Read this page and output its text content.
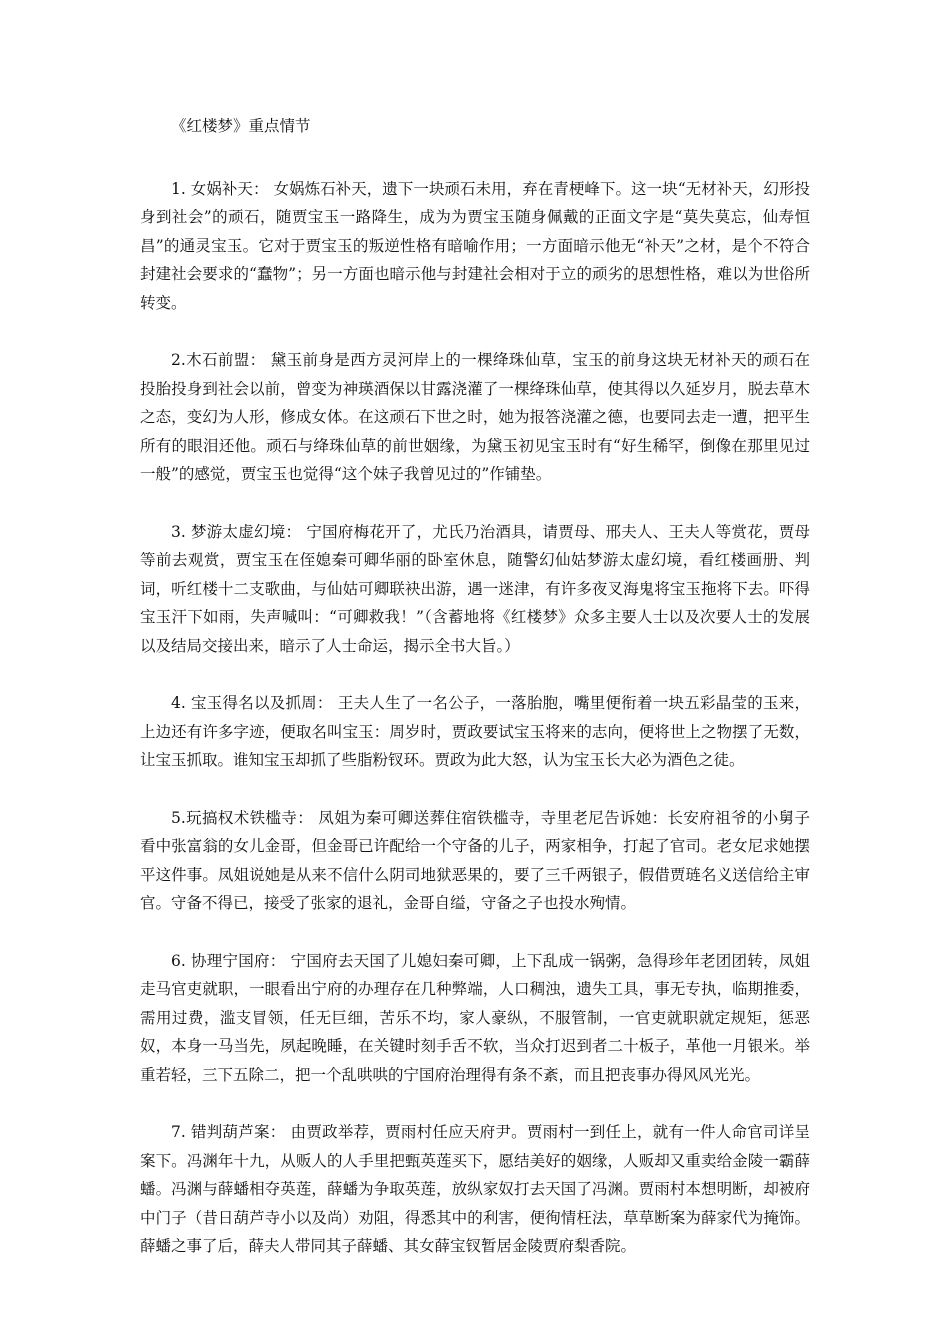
《红楼梦》重点情节

1. 女娲补天： 女娲炼石补天，遗下一块顽石未用，弃在青梗峰下。这一块“无材补天，幻形投身到社会”的顽石，随贾宝玉一路降生，成为为贾宝玉随身佩戴的正面文字是“莫失莫忘，仙寿恒昌”的通灵宝玉。它对于贾宝玉的叛逆性格有暗喻作用；一方面暗示他无“补天”之材，是个不符合封建社会要求的“蠢物”；另一方面也暗示他与封建社会相对于立的顽劣的思想性格，难以为世俗所转变。

2.木石前盟： 黛玉前身是西方灵河岸上的一棵绛珠仙草，宝玉的前身这块无材补天的顽石在投胎投身到社会以前，曾变为神瑛酒保以甘露浇灌了一棵绛珠仙草，使其得以久延岁月，脱去草木之态，变幻为人形，修成女体。在这顽石下世之时，她为报答浇灌之德，也要同去走一遭，把平生所有的眼泪还他。顽石与绛珠仙草的前世姻缘，为黛玉初见宝玉时有“好生稀罕，倒像在那里见过一般”的感觉，贾宝玉也觉得“这个妹子我曾见过的”作铺垫。

3. 梦游太虚幻境： 宁国府梅花开了，尤氏乃治酒具，请贾母、邢夫人、王夫人等赏花，贾母等前去观赏，贾宝玉在侄媳秦可卿华丽的卧室休息，随警幻仙姑梦游太虚幻境，看红楼画册、判词，听红楼十二支歌曲，与仙姑可卿联袂出游，遇一迷津，有许多夜叉海鬼将宝玉拖将下去。吓得宝玉汗下如雨，失声喊叫：“可卿救我！”（含蓄地将《红楼梦》众多主要人士以及次要人士的发展以及结局交接出来，暗示了人士命运，揭示全书大旨。）

4. 宝玉得名以及抓周： 王夫人生了一名公子，一落胎胞，嘴里便衔着一块五彩晶莹的玉来，上边还有许多字迹，便取名叫宝玉：周岁时，贾政要试宝玉将来的志向，便将世上之物摆了无数，让宝玉抓取。谁知宝玉却抓了些脂粉钗环。贾政为此大怒，认为宝玉长大必为酒色之徒。

5.玩搞权术铁槛寺： 凤姐为秦可卿送葬住宿铁槛寺，寺里老尼告诉她：长安府祖爷的小舅子看中张富翁的女儿金哥，但金哥已许配给一个守备的儿子，两家相争，打起了官司。老女尼求她摆平这件事。凤姐说她是从来不信什么阴司地狱恶果的，要了三千两银子，假借贾琏名义送信给主审官。守备不得已，接受了张家的退礼，金哥自缢，守备之子也投水殉情。

6. 协理宁国府： 宁国府去天国了儿媳妇秦可卿，上下乱成一锅粥，急得珍年老团团转，凤姐走马官吏就职，一眼看出宁府的办理存在几种弊端，人口稠浊，遗失工具，事无专执，临期推委，需用过费，滥支冒领，任无巨细，苦乐不均，家人豪纵，不服管制，一官吏就职就定规矩，惩恶奴，本身一马当先，夙起晚睡，在关键时刻手舌不软，当众打迟到者二十板子，革他一月银米。举重若轻，三下五除二，把一个乱哄哄的宁国府治理得有条不紊，而且把丧事办得风风光光。

7. 错判葫芦案： 由贾政举荐，贾雨村任应天府尹。贾雨村一到任上，就有一件人命官司详呈案下。冯渊年十九，从贩人的人手里把甄英莲买下，愿结美好的姻缘，人贩却又重卖给金陵一霸薛蟠。冯渊与薛蟠相夺英莲，薛蟠为争取英莲，放纵家奴打去天国了冯渊。贾雨村本想明断，却被府中门子（昔日葫芦寺小以及尚）劝阻，得悉其中的利害，便徇情枉法，草草断案为薛家代为掩饰。薛蟠之事了后，薛夫人带同其子薛蟠、其女薛宝钗暂居金陵贾府梨香院。
